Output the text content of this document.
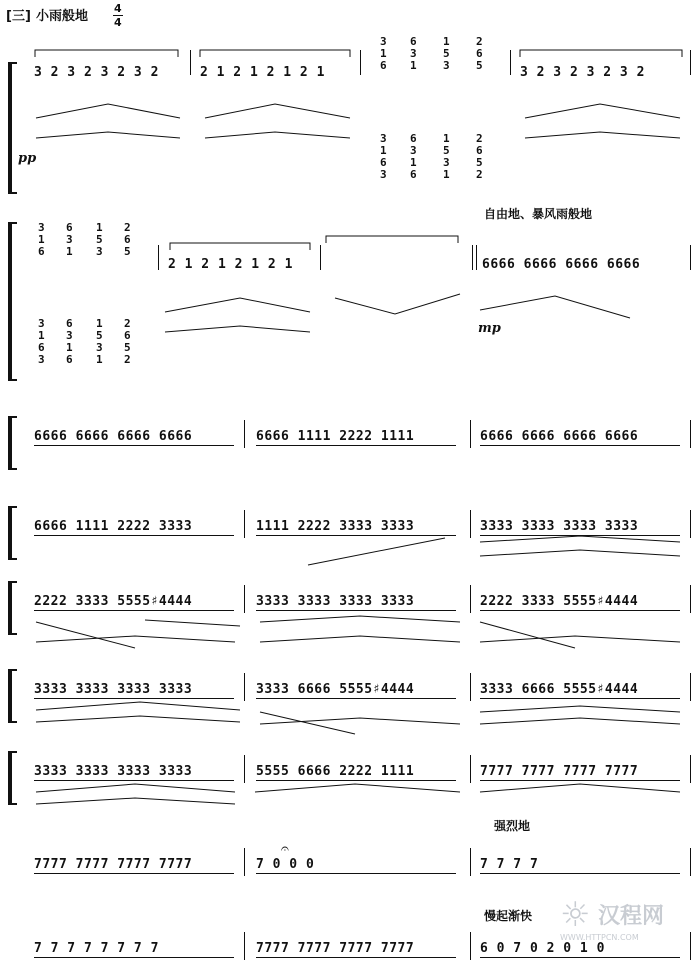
[三] 小雨般地
4
4
3 2 3 2 3 2 3 2	2 1 2 1 2 1 2 1	3 2 3 2 3 2 3 2
3
1
6
6
3
1
1
5
3
2
6
5
3
1
6
3
6
3
1
6
1
5
3
1
2
6
5
2
pp
3
1
6
6
3
1
1
5
3
2
6
5
3
1
6
3
6
3
1
6
1
5
3
1
2
6
5
2
2 1 2 1 2 1 2 1	6666 6666 6666 6666
自由地、暴风雨般地
mp
6666 6666 6666 6666	6666 1111 2222 1111	6666 6666 6666 6666
6666 1111 2222 3333	1111 2222 3333 3333	3333 3333 3333 3333
2222 3333 5555♯4444	3333 3333 3333 3333	2222 3333 5555♯4444
3333 3333 3333 3333	3333 6666 5555♯4444	3333 6666 5555♯4444
3333 3333 3333 3333	5555 6666 2222 1111	7777 7777 7777 7777
7777 7777 7777 7777	7 0 0 0	7 7 7 7
7 7 7 7 7 7 7 7	7777 7777 7777 7777	6 0 7 0 2 0 1 0
强烈地
慢起渐快
𝄐
汉程网
WWW.HTTPCN.COM
☼
